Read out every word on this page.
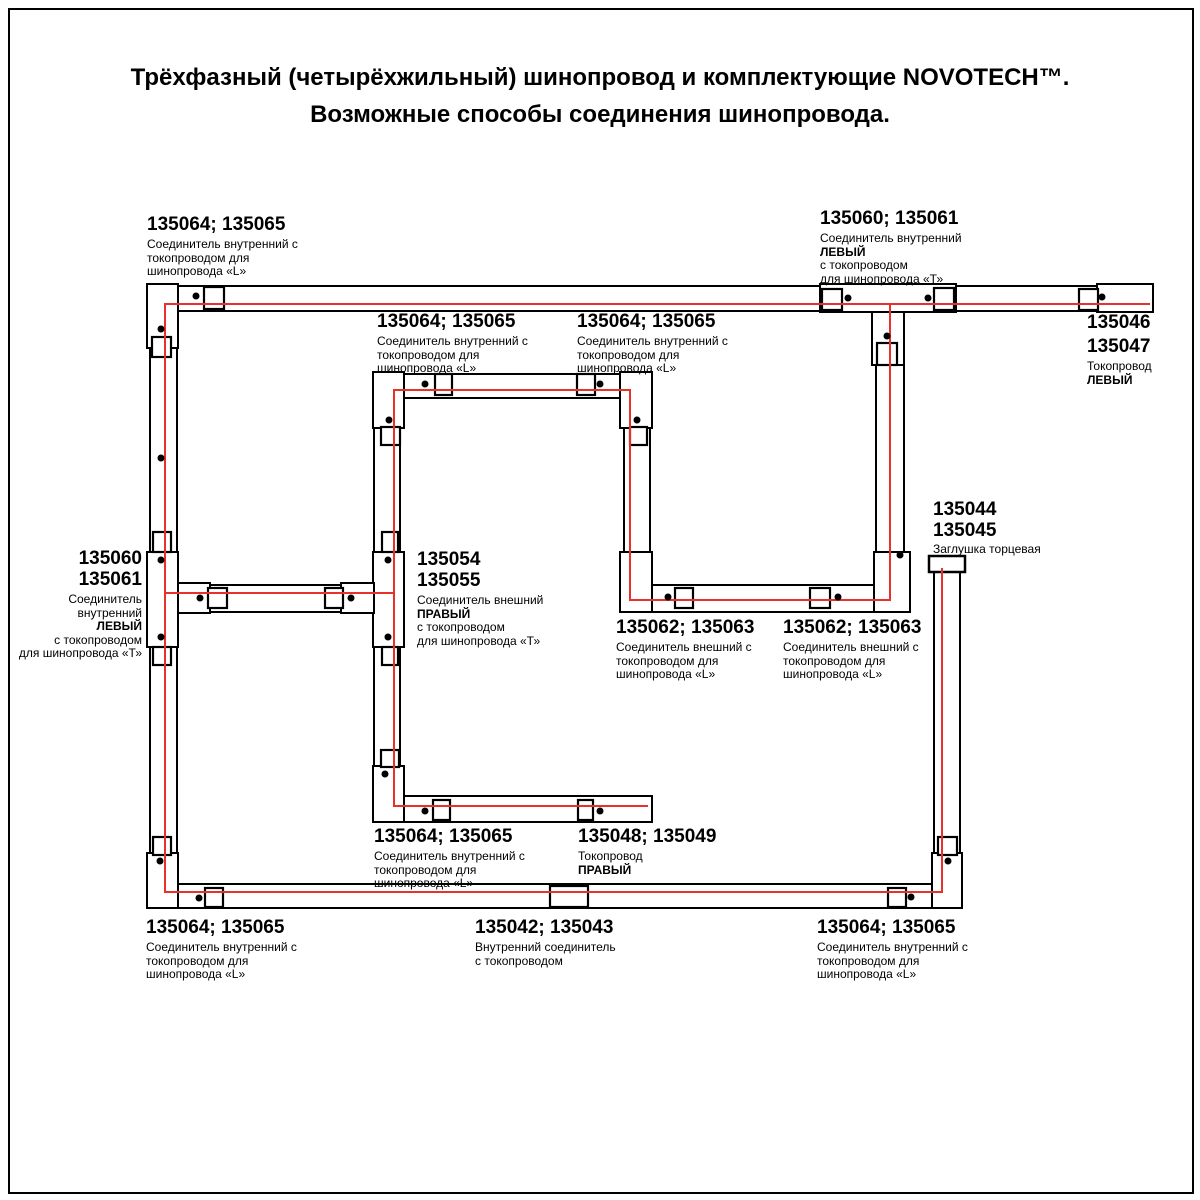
Трёхфазный (четырёхжильный) шинопровод и комплектующие NOVOTECH™.
Возможные способы соединения шинопровода.
135064; 135065
Соединитель внутренний с
токопроводом для
шинопровода «L»
135060; 135061
Соединитель внутренний
ЛЕВЫЙ
с токопроводом
для шинопровода «Т»
135064; 135065
Соединитель внутренний с
токопроводом для
шинопровода «L»
135064; 135065
Соединитель внутренний с
токопроводом для
шинопровода «L»
135046
135047
Токопровод
ЛЕВЫЙ
135060
135061
Соединитель внутренний
ЛЕВЫЙ
с токопроводом
для шинопровода «Т»
135054
135055
Соединитель внешний
ПРАВЫЙ
с токопроводом
для шинопровода «Т»
135044
135045
Заглушка торцевая
135062; 135063
Соединитель внешний с
токопроводом для
шинопровода «L»
135062; 135063
Соединитель внешний с
токопроводом для
шинопровода «L»
135064; 135065
Соединитель внутренний с
токопроводом для
шинопровода «L»
135048; 135049
Токопровод
ПРАВЫЙ
135064; 135065
Соединитель внутренний с
токопроводом для
шинопровода «L»
135042; 135043
Внутренний соединитель
с токопроводом
135064; 135065
Соединитель внутренний с
токопроводом для
шинопровода «L»
